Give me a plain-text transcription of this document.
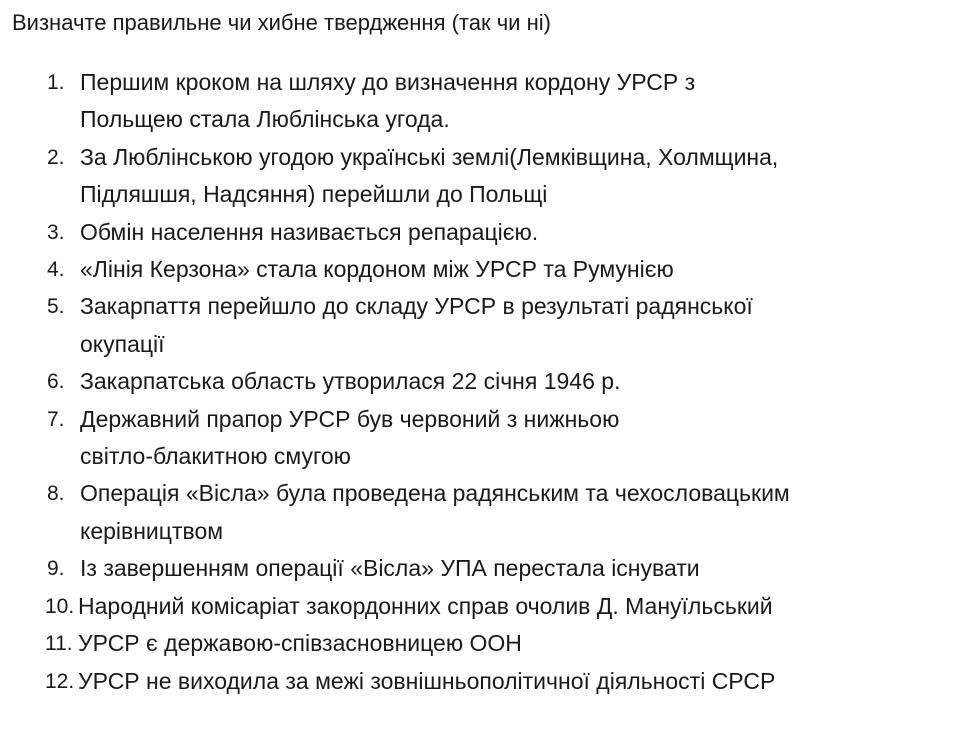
Визначте правильне чи хибне твердження (так чи ні)
1. Першим кроком на шляху до визначення кордону УРСР з
Польщею стала Люблінська угода.
2. За Люблінською угодою українські землі(Лемківщина, Холмщина,
Підляшшя, Надсяння) перейшли до Польщі
3. Обмін населення називається репарацією.
4. «Лінія Керзона» стала кордоном між УРСР та Румунією
5. Закарпаття перейшло до складу УРСР в результаті радянської
окупації
6. Закарпатська область утворилася 22 січня 1946 р.
7. Державний прапор УРСР був червоний з нижньою
світло-блакитною смугою
8. Операція «Вісла» була проведена радянським та чехословацьким
керівництвом
9. Із завершенням операції «Вісла» УПА перестала існувати
10. Народний комісаріат закордонних справ очолив Д. Мануїльський
11. УРСР є державою-співзасновницею ООН
12. УРСР не виходила за межі зовнішньополітичної діяльності СРСР
